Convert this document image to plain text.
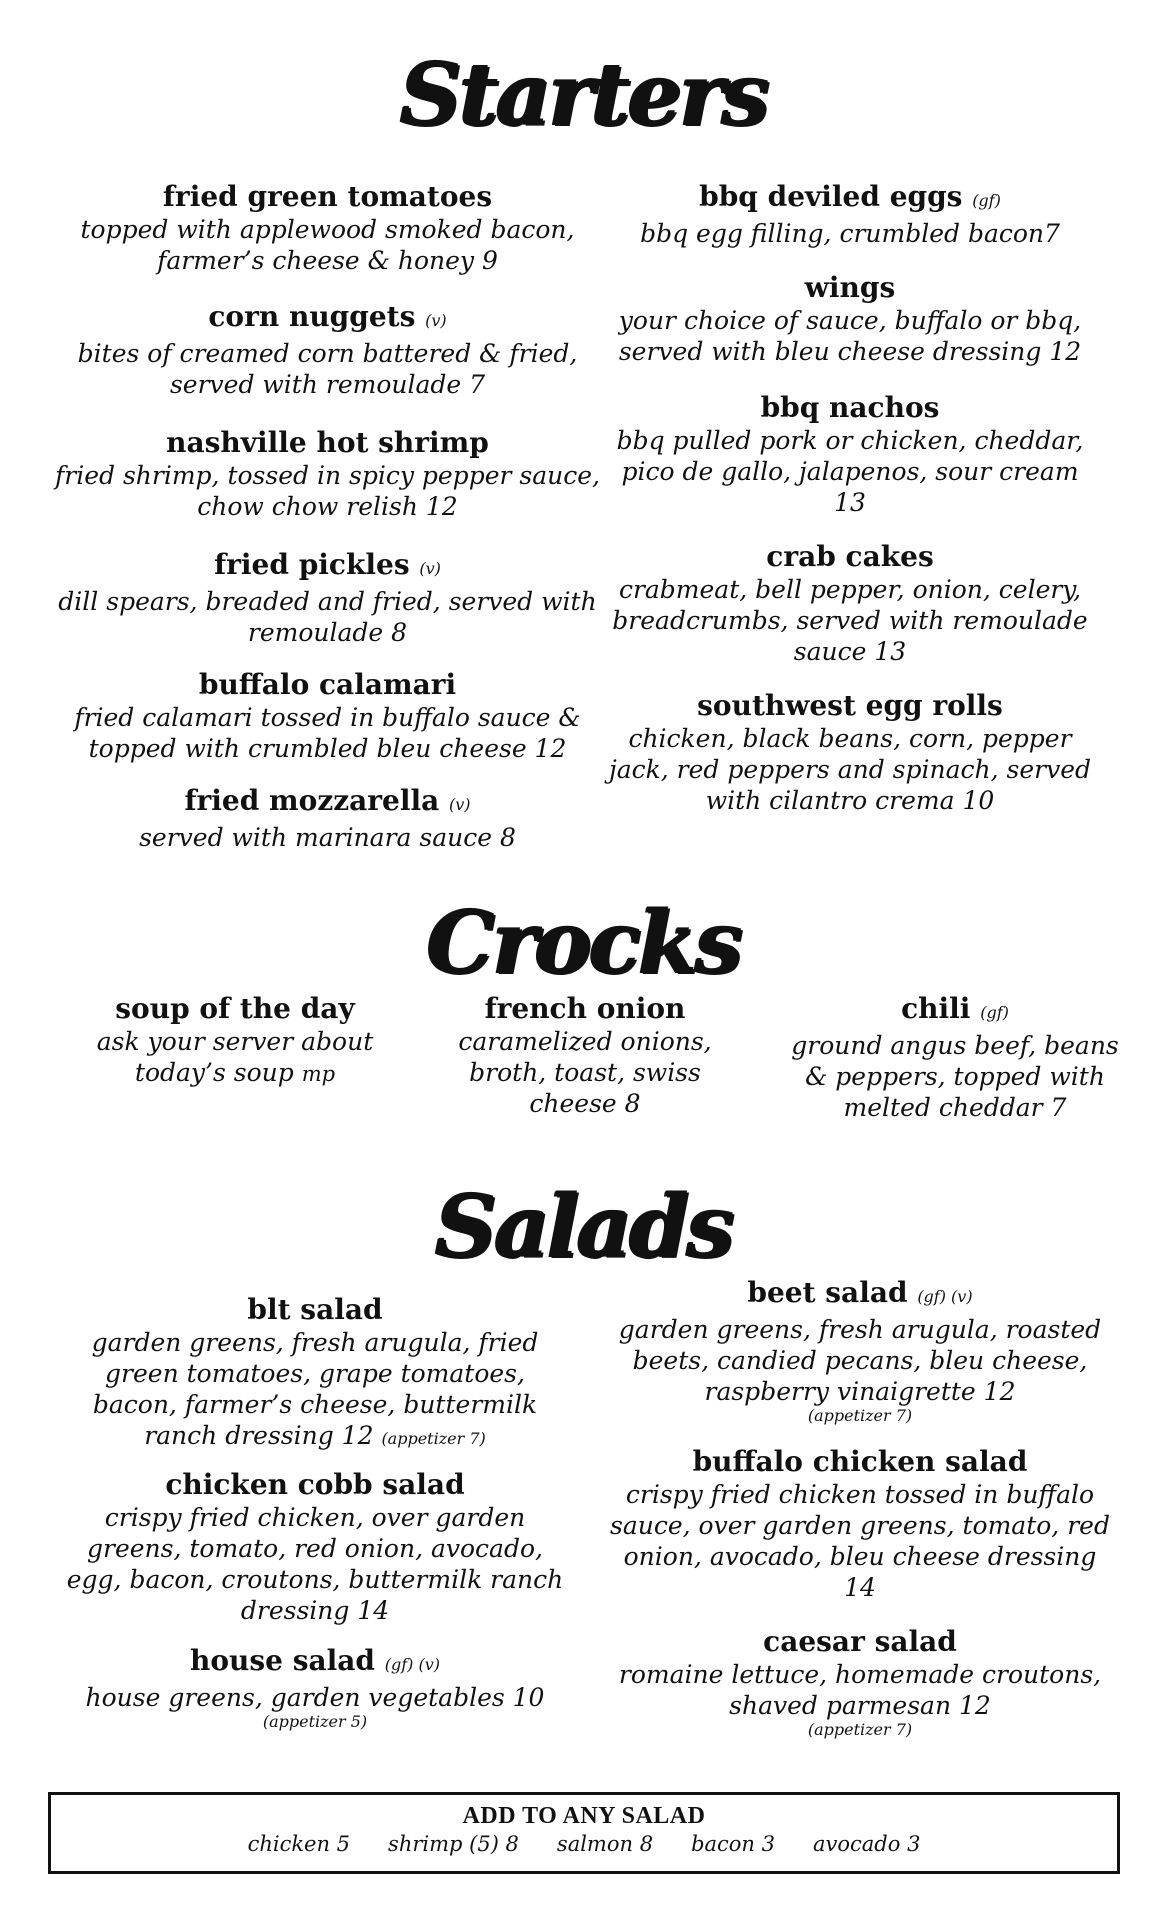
Starters
Crocks
Salads
fried green tomatoes
topped with applewood smoked bacon, farmer’s cheese & honey 9
corn nuggets (v)
bites of creamed corn battered & fried, served with remoulade 7
nashville hot shrimp
fried shrimp, tossed in spicy pepper sauce, chow chow relish 12
fried pickles (v)
dill spears, breaded and fried, served with remoulade 8
buffalo calamari
fried calamari tossed in buffalo sauce & topped with crumbled bleu cheese 12
fried mozzarella (v)
served with marinara sauce 8
bbq deviled eggs (gf)
bbq egg filling, crumbled bacon7
wings
your choice of sauce, buffalo or bbq, served with bleu cheese dressing 12
bbq nachos
bbq pulled pork or chicken, cheddar, pico de gallo, jalapenos, sour cream 13
crab cakes
crabmeat, bell pepper, onion, celery, breadcrumbs, served with remoulade sauce 13
southwest egg rolls
chicken, black beans, corn, pepper jack, red peppers and spinach, served with cilantro crema 10
soup of the day
ask your server about today’s soup mp
french onion
caramelized onions, broth, toast, swiss cheese 8
chili (gf)
ground angus beef, beans & peppers, topped with melted cheddar 7
blt salad
garden greens, fresh arugula, fried green tomatoes, grape tomatoes, bacon, farmer’s cheese, buttermilk ranch dressing 12 (appetizer 7)
chicken cobb salad
crispy fried chicken, over garden greens, tomato, red onion, avocado, egg, bacon, croutons, buttermilk ranch dressing 14
house salad (gf) (v)
house greens, garden vegetables 10
(appetizer 5)
beet salad (gf) (v)
garden greens, fresh arugula, roasted beets, candied pecans, bleu cheese, raspberry vinaigrette 12
(appetizer 7)
buffalo chicken salad
crispy fried chicken tossed in buffalo sauce, over garden greens, tomato, red onion, avocado, bleu cheese dressing 14
caesar salad
romaine lettuce, homemade croutons, shaved parmesan 12
(appetizer 7)
ADD TO ANY SALAD
chicken 5 shrimp (5) 8 salmon 8 bacon 3 avocado 3
